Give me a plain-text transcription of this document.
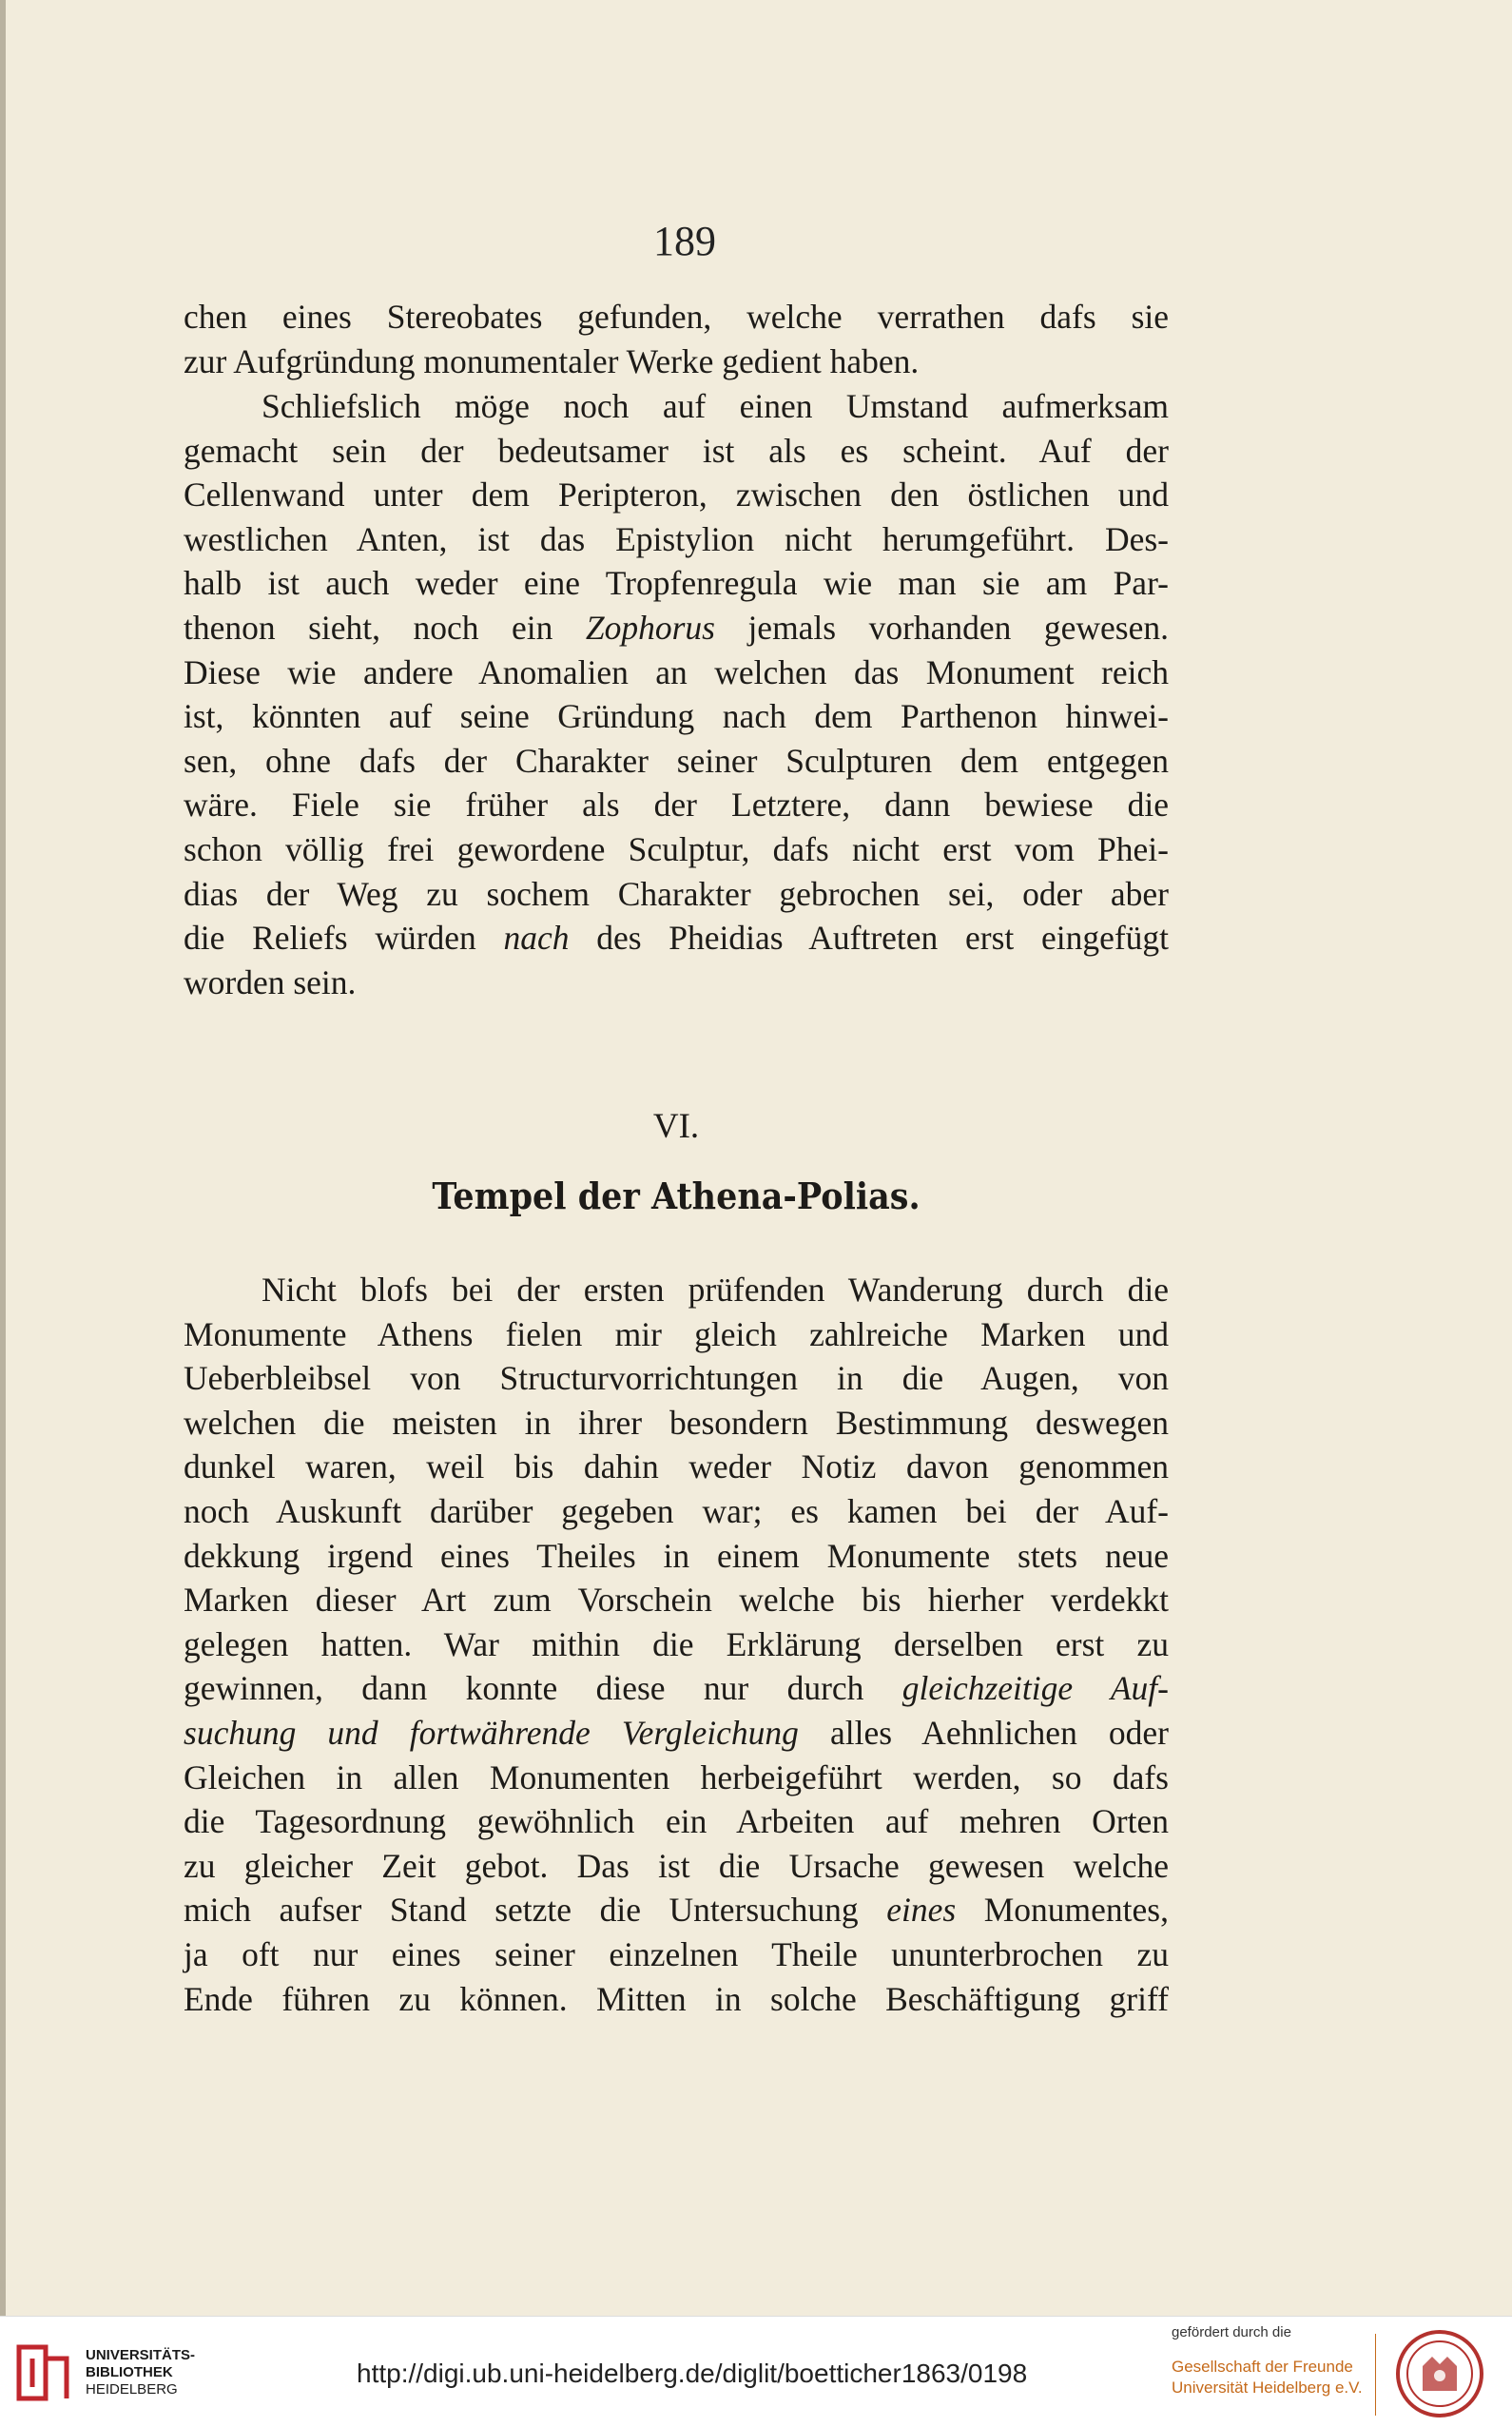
189

chen eines Stereobates gefunden, welche verrathen dafs sie
zur Aufgründung monumentaler Werke gedient haben.

Schliefslich möge noch auf einen Umstand aufmerksam
gemacht sein der bedeutsamer ist als es scheint. Auf der
Cellenwand unter dem Peripteron, zwischen den östlichen und
westlichen Anten, ist das Epistylion nicht herumgeführt. Des-
halb ist auch weder eine Tropfenregula wie man sie am Par-
thenon sieht, noch ein Zophorus jemals vorhanden gewesen.
Diese wie andere Anomalien an welchen das Monument reich
ist, könnten auf seine Gründung nach dem Parthenon hinwei-
sen, ohne dafs der Charakter seiner Sculpturen dem entgegen
wäre. Fiele sie früher als der Letztere, dann bewiese die
schon völlig frei gewordene Sculptur, dafs nicht erst vom Phei-
dias der Weg zu sochem Charakter gebrochen sei, oder aber
die Reliefs würden nach des Pheidias Auftreten erst eingefügt
worden sein.

VI.
Tempel der Athena-Polias.

Nicht blofs bei der ersten prüfenden Wanderung durch die
Monumente Athens fielen mir gleich zahlreiche Marken und
Ueberbleibsel von Structurvorrichtungen in die Augen, von
welchen die meisten in ihrer besondern Bestimmung deswegen
dunkel waren, weil bis dahin weder Notiz davon genommen
noch Auskunft darüber gegeben war; es kamen bei der Auf-
dekkung irgend eines Theiles in einem Monumente stets neue
Marken dieser Art zum Vorschein welche bis hierher verdekkt
gelegen hatten. War mithin die Erklärung derselben erst zu
gewinnen, dann konnte diese nur durch gleichzeitige Auf-
suchung und fortwährende Vergleichung alles Aehnlichen oder
Gleichen in allen Monumenten herbeigeführt werden, so dafs
die Tagesordnung gewöhnlich ein Arbeiten auf mehren Orten
zu gleicher Zeit gebot. Das ist die Ursache gewesen welche
mich aufser Stand setzte die Untersuchung eines Monumentes,
ja oft nur eines seiner einzelnen Theile ununterbrochen zu
Ende führen zu können. Mitten in solche Beschäftigung griff

UNIVERSITÄTS-
BIBLIOTHEK
HEIDELBERG
http://digi.ub.uni-heidelberg.de/diglit/boetticher1863/0198
gefördert durch die
Gesellschaft der Freunde
Universität Heidelberg e.V.
